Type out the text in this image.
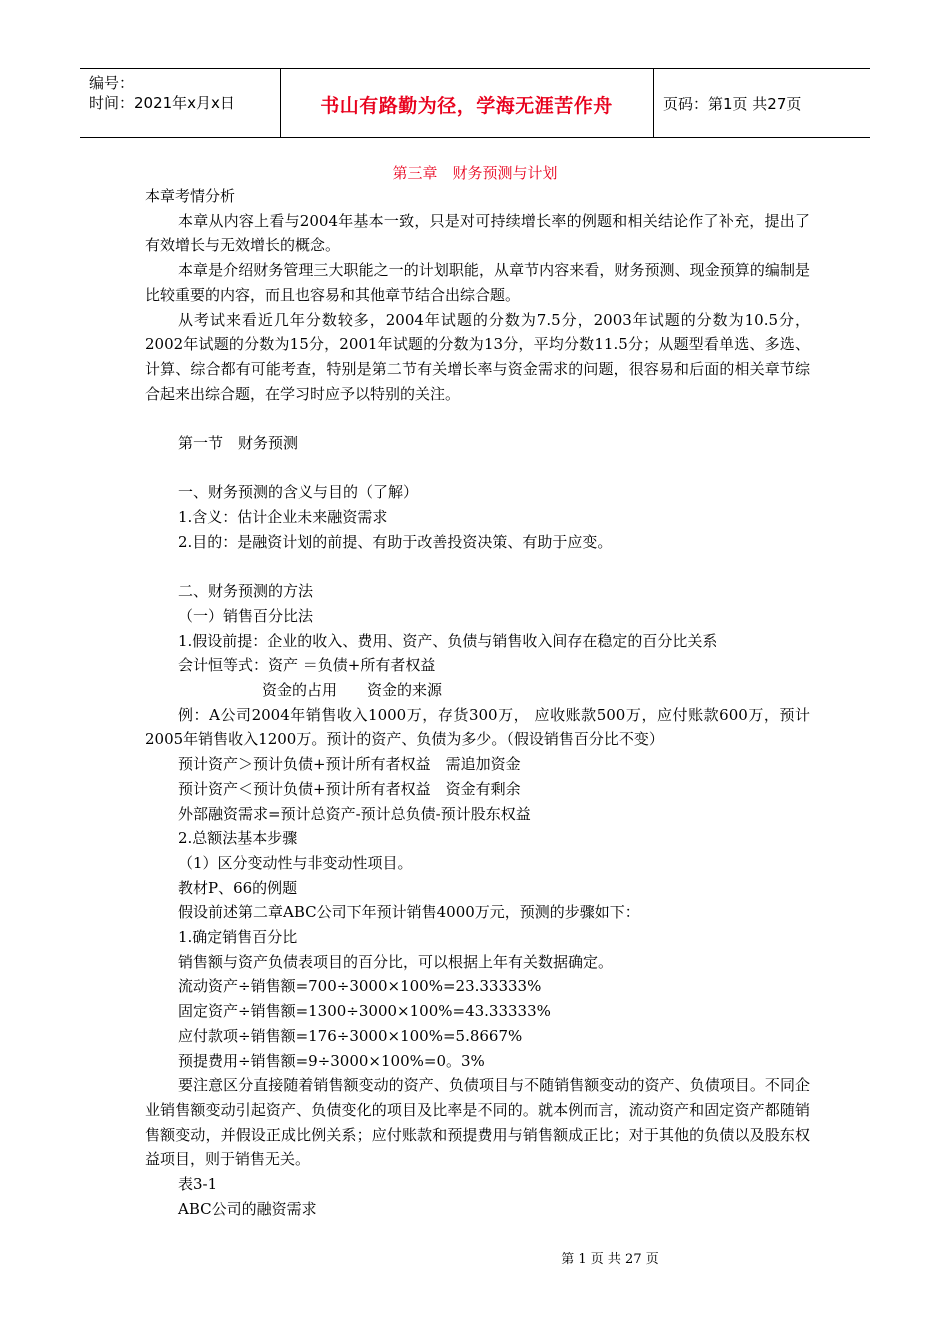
编号：
时间：2021年x月x日	书山有路勤为径，学海无涯苦作舟	页码：第1页 共27页
第三章　财务预测与计划

本章考情分析

本章从内容上看与2004年基本一致，只是对可持续增长率的例题和相关结论作了补充，提出了有效增长与无效增长的概念。

本章是介绍财务管理三大职能之一的计划职能，从章节内容来看，财务预测、现金预算的编制是比较重要的内容，而且也容易和其他章节结合出综合题。

从考试来看近几年分数较多，2004年试题的分数为7.5分，2003年试题的分数为10.5分，2002年试题的分数为15分，2001年试题的分数为13分，平均分数11.5分；从题型看单选、多选、计算、综合都有可能考查，特别是第二节有关增长率与资金需求的问题，很容易和后面的相关章节综合起来出综合题，在学习时应予以特别的关注。

第一节　财务预测

一、财务预测的含义与目的（了解）

1.含义：估计企业未来融资需求

2.目的：是融资计划的前提、有助于改善投资决策、有助于应变。

二、财务预测的方法

（一）销售百分比法

1.假设前提：企业的收入、费用、资产、负债与销售收入间存在稳定的百分比关系

会计恒等式：资产 ＝负债+所有者权益

资金的占用　　资金的来源

例：A公司2004年销售收入1000万，存货300万， 应收账款500万，应付账款600万，预计2005年销售收入1200万。预计的资产、负债为多少。（假设销售百分比不变）

预计资产＞预计负债+预计所有者权益　需追加资金

预计资产＜预计负债+预计所有者权益　资金有剩余

外部融资需求=预计总资产-预计总负债-预计股东权益

2.总额法基本步骤

（1）区分变动性与非变动性项目。

教材P、66的例题

假设前述第二章ABC公司下年预计销售4000万元，预测的步骤如下：

1.确定销售百分比

销售额与资产负债表项目的百分比，可以根据上年有关数据确定。

流动资产÷销售额=700÷3000×100%=23.33333%

固定资产÷销售额=1300÷3000×100%=43.33333%

应付款项÷销售额=176÷3000×100%=5.8667%

预提费用÷销售额=9÷3000×100%=0。3%

要注意区分直接随着销售额变动的资产、负债项目与不随销售额变动的资产、负债项目。不同企业销售额变动引起资产、负债变化的项目及比率是不同的。就本例而言，流动资产和固定资产都随销售额变动，并假设正成比例关系；应付账款和预提费用与销售额成正比；对于其他的负债以及股东权益项目，则于销售无关。

表3-1

ABC公司的融资需求

第 1 页 共 27 页
